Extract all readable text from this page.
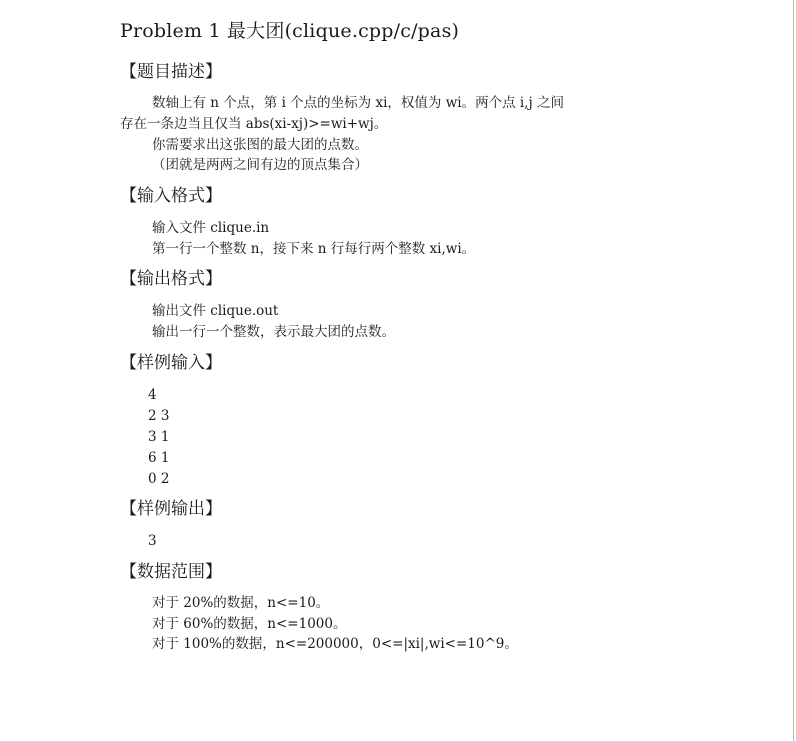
Problem 1 最大团(clique.cpp/c/pas)
【题目描述】
数轴上有 n 个点，第 i 个点的坐标为 xi，权值为 wi。两个点 i,j 之间
存在一条边当且仅当 abs(xi-xj)>=wi+wj。
你需要求出这张图的最大团的点数。
（团就是两两之间有边的顶点集合）
【输入格式】
输入文件 clique.in
第一行一个整数 n，接下来 n 行每行两个整数 xi,wi。
【输出格式】
输出文件 clique.out
输出一行一个整数，表示最大团的点数。
【样例输入】
4
2 3
3 1
6 1
0 2
【样例输出】
3
【数据范围】
对于 20%的数据，n<=10。
对于 60%的数据，n<=1000。
对于 100%的数据，n<=200000，0<=|xi|,wi<=10^9。
